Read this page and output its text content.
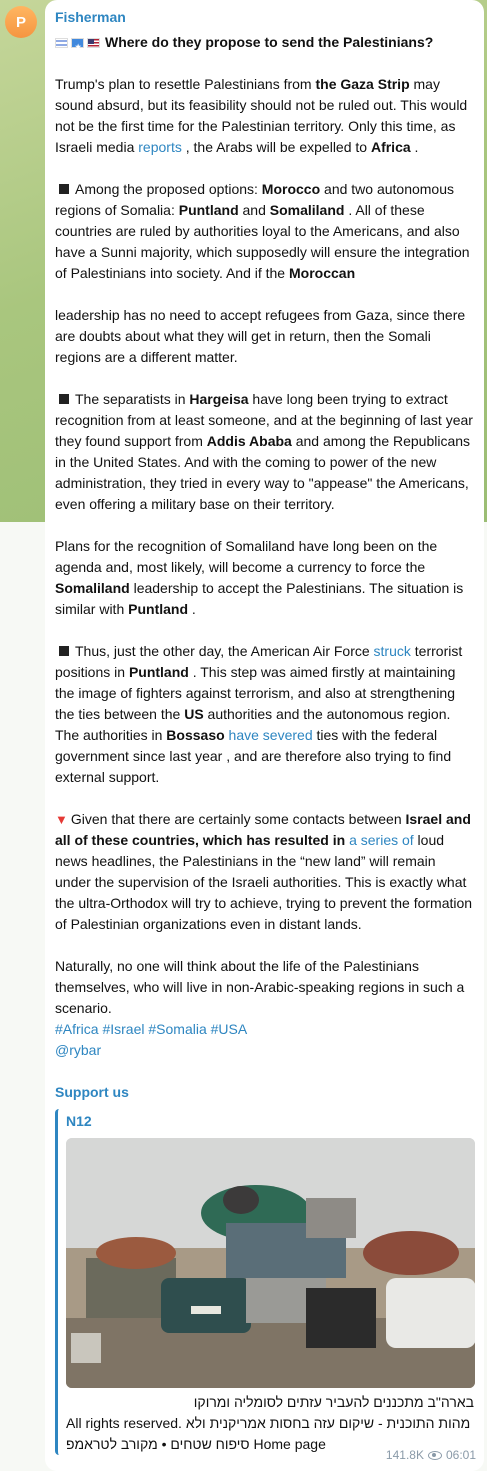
P Fisherman
★
Where do they propose to send the Palestinians?

Trump's plan to resettle Palestinians from the Gaza Strip may sound absurd, but its feasibility should not be ruled out. This would not be the first time for the Palestinian territory. Only this time, as Israeli media reports , the Arabs will be expelled to Africa .

Among the proposed options: Morocco and two autonomous regions of Somalia: Puntland and Somaliland . All of these countries are ruled by authorities loyal to the Americans, and also have a Sunni majority, which supposedly will ensure the integration of Palestinians into society. And if the Moroccan

leadership has no need to accept refugees from Gaza, since there are doubts about what they will get in return, then the Somali regions are a different matter.

The separatists in Hargeisa have long been trying to extract recognition from at least someone, and at the beginning of last year they found support from Addis Ababa and among the Republicans in the United States. And with the coming to power of the new administration, they tried in every way to "appease" the Americans, even offering a military base on their territory.

Plans for the recognition of Somaliland have long been on the agenda and, most likely, will become a currency to force the Somaliland leadership to accept the Palestinians. The situation is similar with Puntland .

Thus, just the other day, the American Air Force struck terrorist positions in Puntland . This step was aimed firstly at maintaining the image of fighters against terrorism, and also at strengthening the ties between the US authorities and the autonomous region. The authorities in Bossaso have severed ties with the federal government since last year , and are therefore also trying to find external support.

▼ Given that there are certainly some contacts between Israel and all of these countries, which has resulted in a series of loud news headlines, the Palestinians in the “new land” will remain under the supervision of the Israeli authorities. This is exactly what the ultra-Orthodox will try to achieve, trying to prevent the formation of Palestinian organizations even in distant lands.

Naturally, no one will think about the life of the Palestinians themselves, who will live in non-Arabic-speaking regions in such a scenario.

#Africa #Israel #Somalia #USA
@rybar
Support us
N12
בארה"ב מתכננים להעביר עזתים לסומליה ומרוקו
All rights reserved. מהות התוכנית - שיקום עזה בחסות אמריקנית ולא סיפוח שטחים • מקורב לטראמפ Home page
141.8K 06:01
